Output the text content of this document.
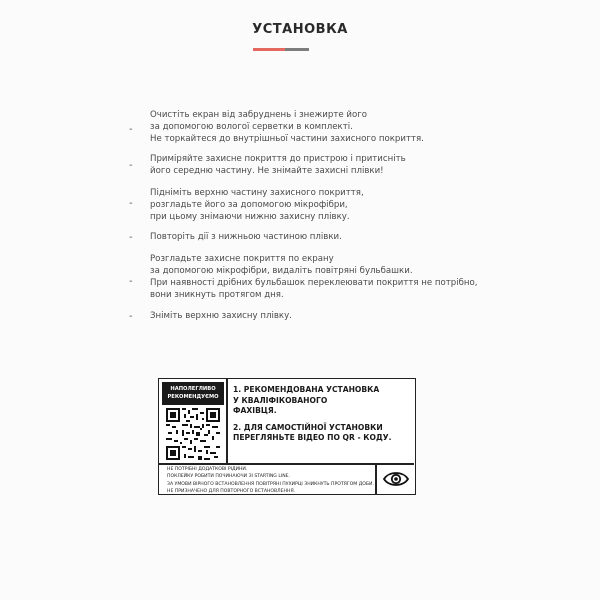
УСТАНОВКА
-
Очистіть екран від забруднень і знежирте його
за допомогою вологої серветки в комплекті.
Не торкайтеся до внутрішньої частини захисного покриття.
-
Приміряйте захисне покриття до пристрою і притисніть
його середню частину. Не знімайте захисні плівки!
-
Підніміть верхню частину захисного покриття,
розгладьте його за допомогою мікрофібри,
при цьому знімаючи нижню захисну плівку.
- Повторіть дії з нижньою частиною плівки.
-
Розгладьте захисне покриття по екрану
за допомогою мікрофібри, видаліть повітряні бульбашки.
При наявності дрібних бульбашок переклеювати покриття не потрібно,
вони зникнуть протягом дня.
- Зніміть верхню захисну плівку.
НАПОЛЕГЛИВО
РЕКОМЕНДУЄМО

1. РЕКОМЕНДОВАНА УСТАНОВКА
У КВАЛІФІКОВАНОГО
ФАХІВЦЯ.

2. ДЛЯ САМОСТІЙНОЇ УСТАНОВКИ
ПЕРЕГЛЯНЬТЕ ВІДЕО ПО QR - КОДУ.

НЕ ПОТРІБНІ ДОДАТКОВІ РІДИНИ.
ПОКЛЕЙКУ РОБИТИ ПОЧИНАЮЧИ ЗІ STARTING LINE.
ЗА УМОВИ ВІРНОГО ВСТАНОВЛЕННЯ ПОВІТРЯНІ ПУХИРЦІ ЗНИКНУТЬ ПРОТЯГОМ ДОБИ.
НЕ ПРИЗНАЧЕНО ДЛЯ ПОВТОРНОГО ВСТАНОВЛЕННЯ.
